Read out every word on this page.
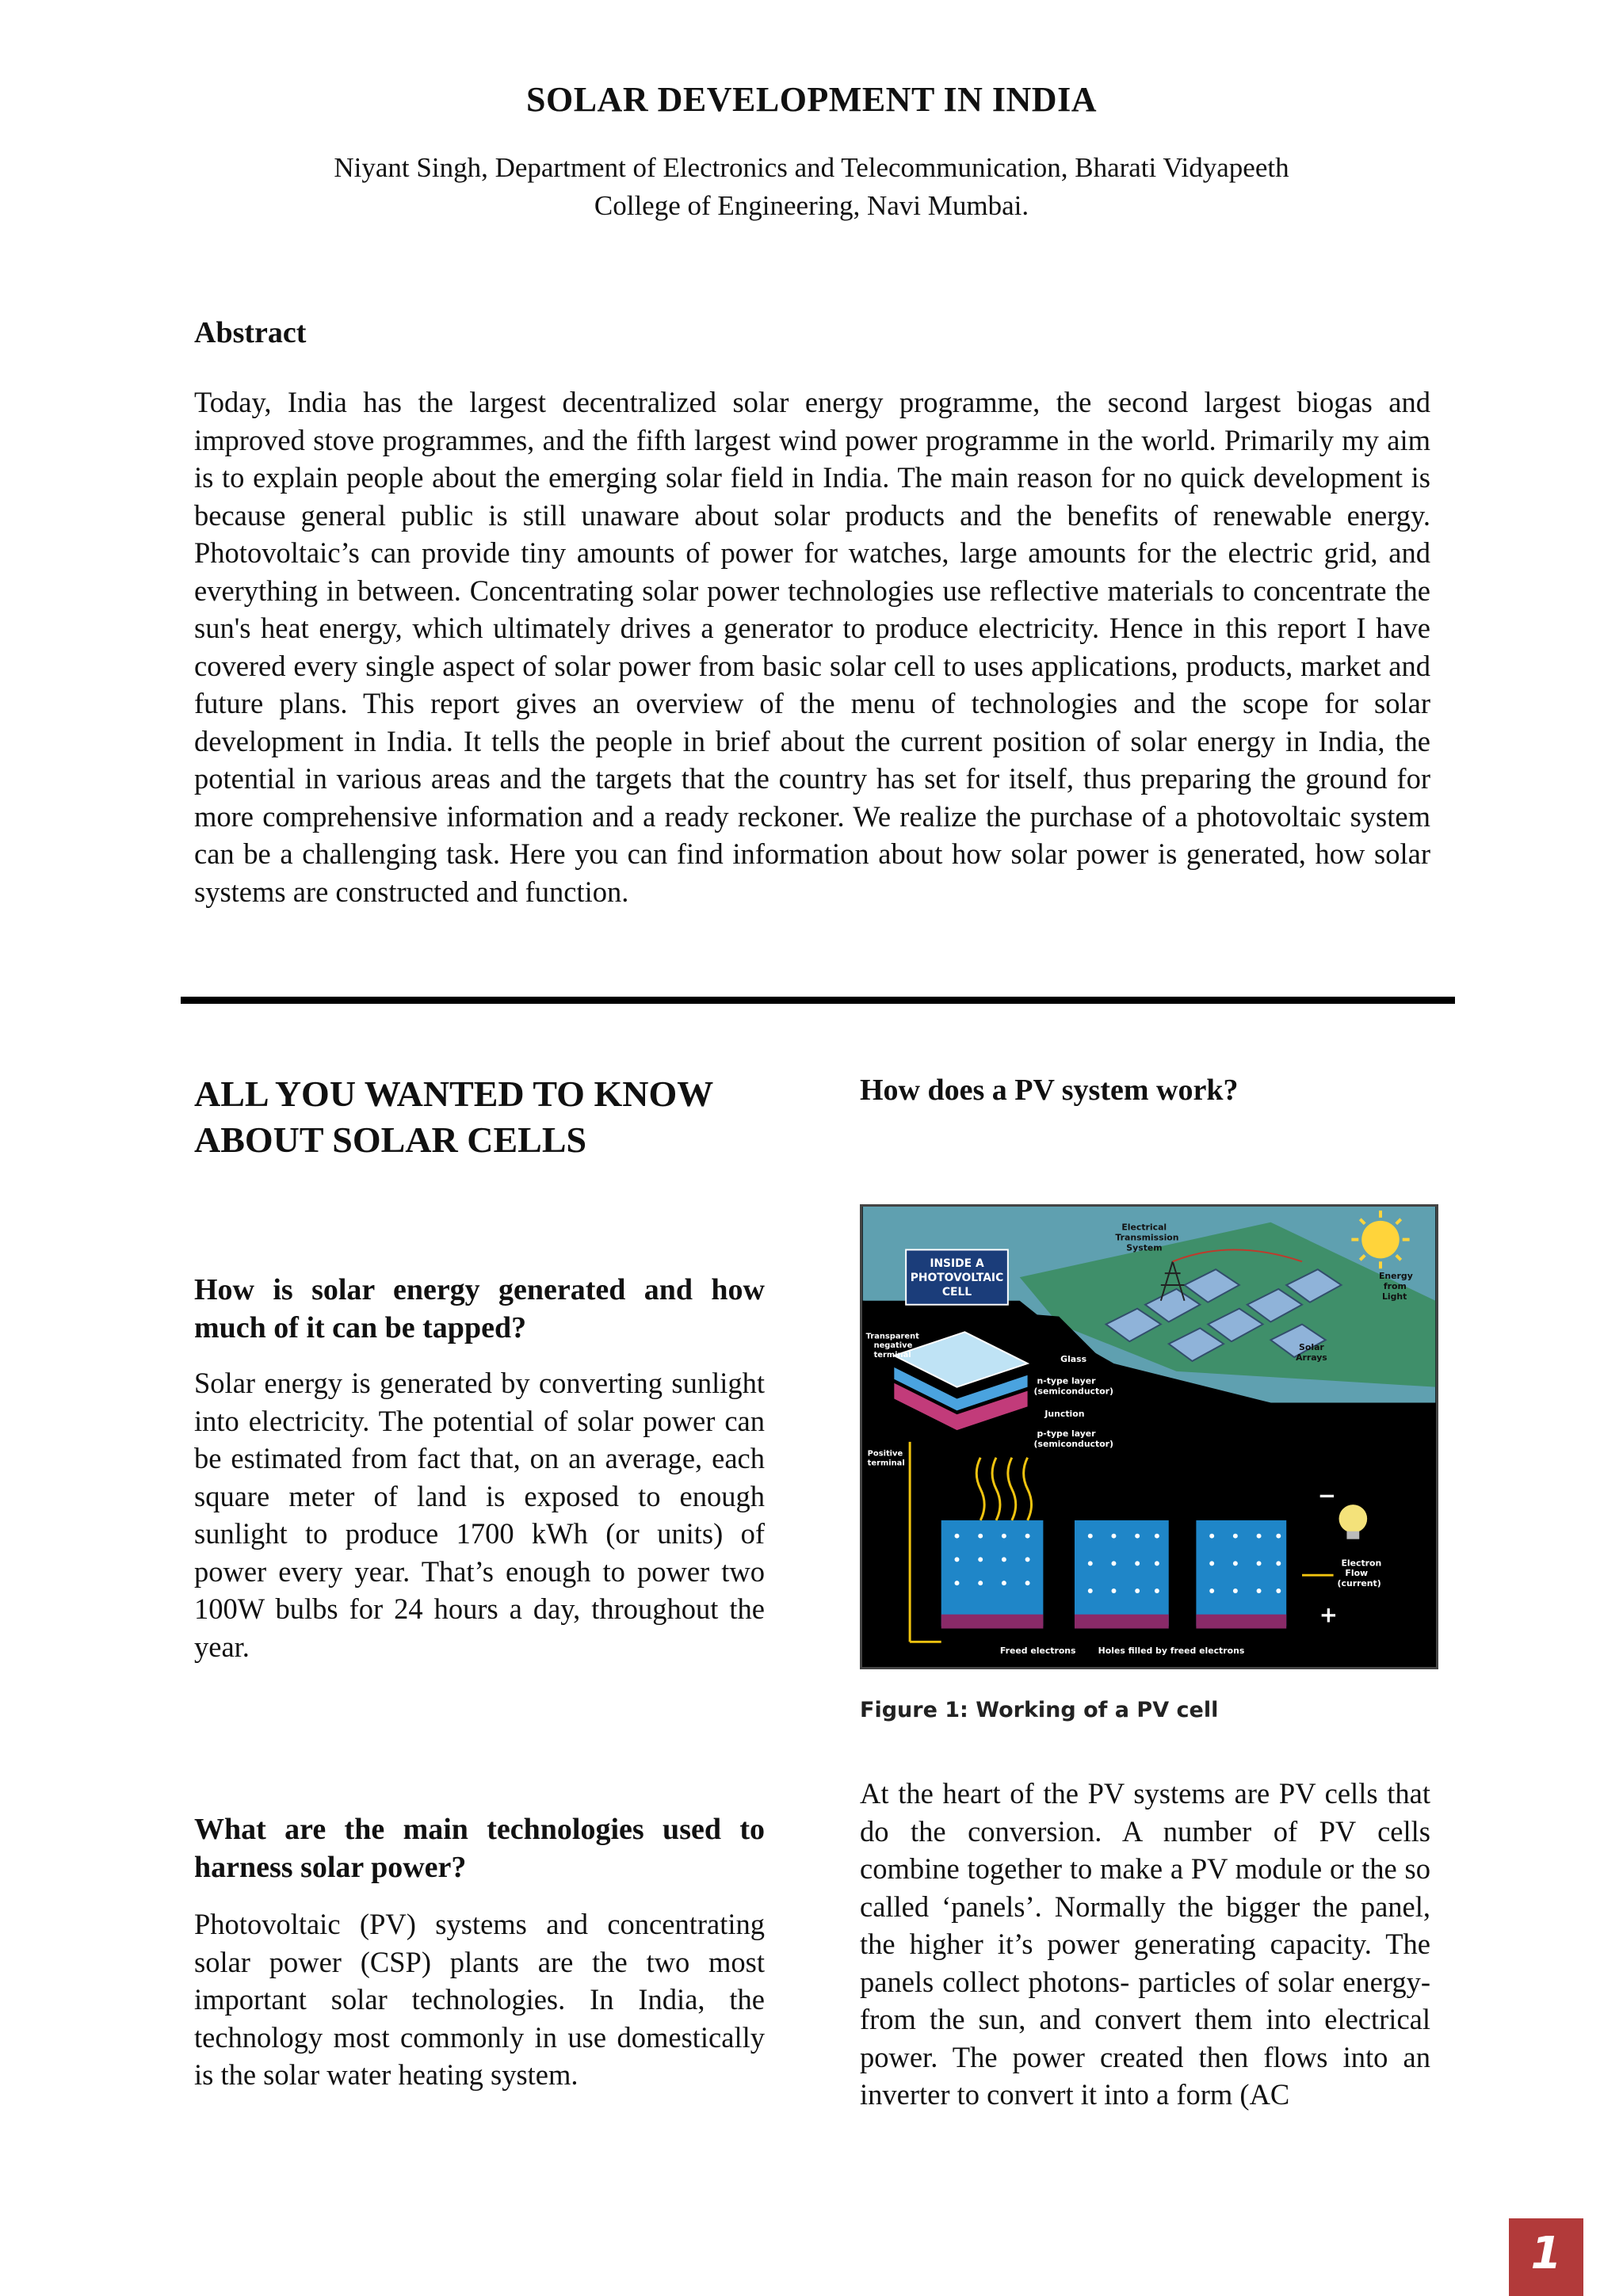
SOLAR DEVELOPMENT IN INDIA
Niyant Singh, Department of Electronics and Telecommunication, Bharati Vidyapeeth
College of Engineering, Navi Mumbai.
Abstract

Today, India has the largest decentralized solar energy programme, the second largest biogas and improved stove programmes, and the fifth largest wind power programme in the world. Primarily my aim is to explain people about the emerging solar field in India. The main reason for no quick development is because general public is still unaware about solar products and the benefits of renewable energy. Photovoltaic’s can provide tiny amounts of power for watches, large amounts for the electric grid, and everything in between. Concentrating solar power technologies use reflective materials to concentrate the sun's heat energy, which ultimately drives a generator to produce electricity. Hence in this report I have covered every single aspect of solar power from basic solar cell to uses applications, products, market and future plans. This report gives an overview of the menu of technologies and the scope for solar development in India. It tells the people in brief about the current position of solar energy in India, the potential in various areas and the targets that the country has set for itself, thus preparing the ground for more comprehensive information and a ready reckoner. We realize the purchase of a photovoltaic system can be a challenging task. Here you can find information about how solar power is generated, how solar systems are constructed and function.

ALL YOU WANTED TO KNOW ABOUT SOLAR CELLS
How is solar energy generated and how much of it can be tapped?

Solar energy is generated by converting sunlight into electricity. The potential of solar power can be estimated from fact that, on an average, each square meter of land is exposed to enough sunlight to produce 1700 kWh (or units) of power every year. That’s enough to power two 100W bulbs for 24 hours a day, throughout the year.

What are the main technologies used to harness solar power?

Photovoltaic (PV) systems and concentrating solar power (CSP) plants are the two most important solar technologies. In India, the technology most commonly in use domestically is the solar water heating system.

How does a PV system work?
INSIDE A
PHOTOVOLTAIC
CELL
Electrical
Transmission
System
Energy
from
Light
Solar
Arrays
Transparent
negative
terminal	Glass
n-type layer
(semiconductor)
Junction
p-type layer
(semiconductor)
Positive
terminal
−
+
Electron
Flow
(current)
Freed electrons	Holes filled by freed electrons
Figure 1: Working of a PV cell

At the heart of the PV systems are PV cells that do the conversion. A number of PV cells combine together to make a PV module or the so called ‘panels’. Normally the bigger the panel, the higher it’s power generating capacity. The panels collect photons- particles of solar energy- from the sun, and convert them into electrical power. The power created then flows into an inverter to convert it into a form (AC

1
